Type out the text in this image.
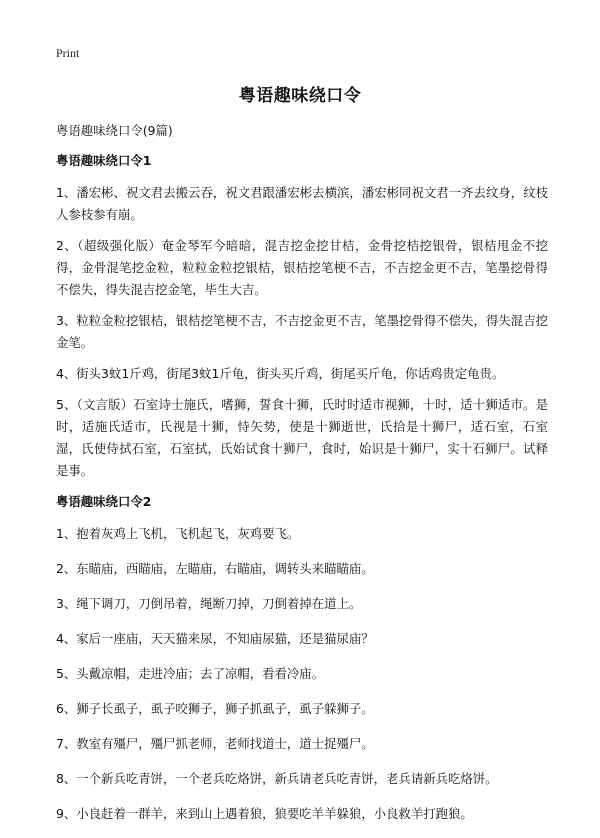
Print
粤语趣味绕口令
粤语趣味绕口令(9篇)
粤语趣味绕口令1

1、潘宏彬、祝文君去搬云吞，祝文君跟潘宏彬去横滨，潘宏彬同祝文君一齐去纹身，纹枝人参枝参有崩。

2、（超级强化版）奄金琴军今暗暗，混吉挖金挖甘桔，金骨挖桔挖银骨，银桔甩金不挖得，金骨混笔挖金粒，粒粒金粒挖银桔，银桔挖笔梗不吉，不吉挖金更不吉，笔墨挖骨得不偿失，得失混吉挖金笔，毕生大吉。

3、粒粒金粒挖银桔，银桔挖笔梗不吉，不吉挖金更不吉，笔墨挖骨得不偿失，得失混吉挖金笔。

4、街头3蚊1斤鸡，街尾3蚊1斤龟，街头买斤鸡，街尾买斤龟，你话鸡贵定龟贵。

5、（文言版）石室诗士施氏，嗜狮，誓食十狮，氏时时适市视狮，十时，适十狮适市。是时，适施氏适市，氏视是十狮，恃矢势，使是十狮逝世，氏拾是十狮尸，适石室，石室湿，氏使侍拭石室，石室拭，氏始试食十狮尸，食时，始识是十狮尸，实十石狮尸。试释是事。

粤语趣味绕口令2

1、抱着灰鸡上飞机，飞机起飞，灰鸡要飞。

2、东瞄庙，西瞄庙，左瞄庙，右瞄庙，调转头来瞄瞄庙。

3、绳下调刀，刀倒吊着，绳断刀掉，刀倒着掉在道上。

4、家后一座庙，天天猫来尿，不知庙尿猫，还是猫尿庙？

5、头戴凉帽，走进冷庙；去了凉帽，看看冷庙。

6、狮子长虱子，虱子咬狮子，狮子抓虱子，虱子躲狮子。

7、教室有殭尸，殭尸抓老师，老师找道士，道士捉殭尸。

8、一个新兵吃青饼，一个老兵吃烙饼，新兵请老兵吃青饼，老兵请新兵吃烙饼。

9、小良赶着一群羊，来到山上遇着狼，狼要吃羊羊躲狼，小良救羊打跑狼。
